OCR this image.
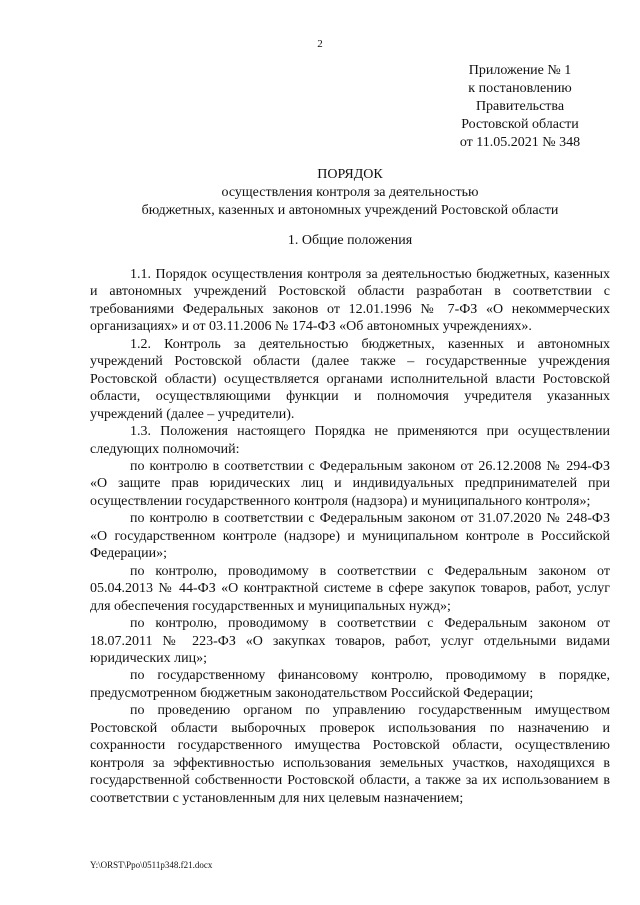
2
Приложение № 1
к постановлению
Правительства
Ростовской области
от 11.05.2021 № 348
ПОРЯДОК
осуществления контроля за деятельностью
бюджетных, казенных и автономных учреждений Ростовской области
1. Общие положения

1.1. Порядок осуществления контроля за деятельностью бюджетных, казенных и автономных учреждений Ростовской области разработан в соответствии с требованиями Федеральных законов от 12.01.1996 № 7-ФЗ «О некоммерческих организациях» и от 03.11.2006 № 174-ФЗ «Об автономных учреждениях».

1.2. Контроль за деятельностью бюджетных, казенных и автономных учреждений Ростовской области (далее также – государственные учреждения Ростовской области) осуществляется органами исполнительной власти Ростовской области, осуществляющими функции и полномочия учредителя указанных учреждений (далее – учредители).

1.3. Положения настоящего Порядка не применяются при осуществлении следующих полномочий:

по контролю в соответствии с Федеральным законом от 26.12.2008 № 294-ФЗ «О защите прав юридических лиц и индивидуальных предпринимателей при осуществлении государственного контроля (надзора) и муниципального контроля»;

по контролю в соответствии с Федеральным законом от 31.07.2020 № 248-ФЗ «О государственном контроле (надзоре) и муниципальном контроле в Российской Федерации»;

по контролю, проводимому в соответствии с Федеральным законом от 05.04.2013 № 44-ФЗ «О контрактной системе в сфере закупок товаров, работ, услуг для обеспечения государственных и муниципальных нужд»;

по контролю, проводимому в соответствии с Федеральным законом от 18.07.2011 № 223-ФЗ «О закупках товаров, работ, услуг отдельными видами юридических лиц»;

по государственному финансовому контролю, проводимому в порядке, предусмотренном бюджетным законодательством Российской Федерации;

по проведению органом по управлению государственным имуществом Ростовской области выборочных проверок использования по назначению и сохранности государственного имущества Ростовской области, осуществлению контроля за эффективностью использования земельных участков, находящихся в государственной собственности Ростовской области, а также за их использованием в соответствии с установленным для них целевым назначением;

Y:\ORST\Ppo\0511p348.f21.docx
